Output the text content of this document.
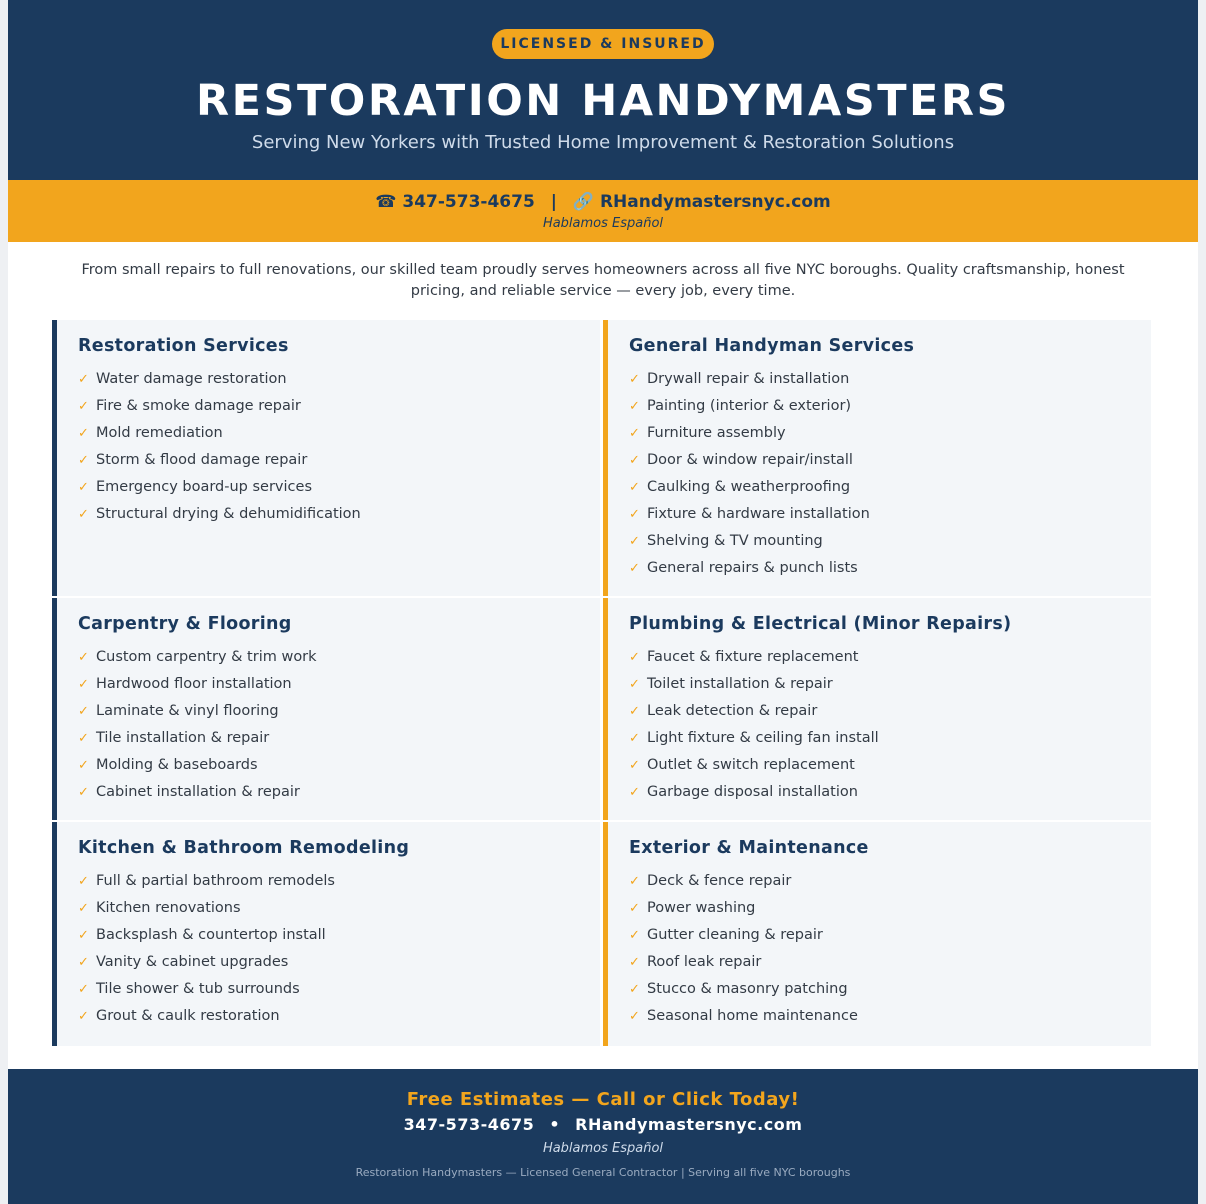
LICENSED & INSURED
RESTORATION HANDYMASTERS
Serving New Yorkers with Trusted Home Improvement & Restoration Solutions
☎ 347-573-4675 | 🔗 RHandymastersnyc.com
Hablamos Español
From small repairs to full renovations, our skilled team proudly serves homeowners across all five NYC boroughs. Quality craftsmanship, honest pricing, and reliable service — every job, every time.
Restoration Services
✓ Water damage restoration
✓ Fire & smoke damage repair
✓ Mold remediation
✓ Storm & flood damage repair
✓ Emergency board-up services
✓ Structural drying & dehumidification
General Handyman Services
✓ Drywall repair & installation
✓ Painting (interior & exterior)
✓ Furniture assembly
✓ Door & window repair/install
✓ Caulking & weatherproofing
✓ Fixture & hardware installation
✓ Shelving & TV mounting
✓ General repairs & punch lists
Carpentry & Flooring
✓ Custom carpentry & trim work
✓ Hardwood floor installation
✓ Laminate & vinyl flooring
✓ Tile installation & repair
✓ Molding & baseboards
✓ Cabinet installation & repair
Plumbing & Electrical (Minor Repairs)
✓ Faucet & fixture replacement
✓ Toilet installation & repair
✓ Leak detection & repair
✓ Light fixture & ceiling fan install
✓ Outlet & switch replacement
✓ Garbage disposal installation
Kitchen & Bathroom Remodeling
✓ Full & partial bathroom remodels
✓ Kitchen renovations
✓ Backsplash & countertop install
✓ Vanity & cabinet upgrades
✓ Tile shower & tub surrounds
✓ Grout & caulk restoration
Exterior & Maintenance
✓ Deck & fence repair
✓ Power washing
✓ Gutter cleaning & repair
✓ Roof leak repair
✓ Stucco & masonry patching
✓ Seasonal home maintenance
Free Estimates — Call or Click Today!
347-573-4675 • RHandymastersnyc.com
Hablamos Español
Restoration Handymasters — Licensed General Contractor | Serving all five NYC boroughs
